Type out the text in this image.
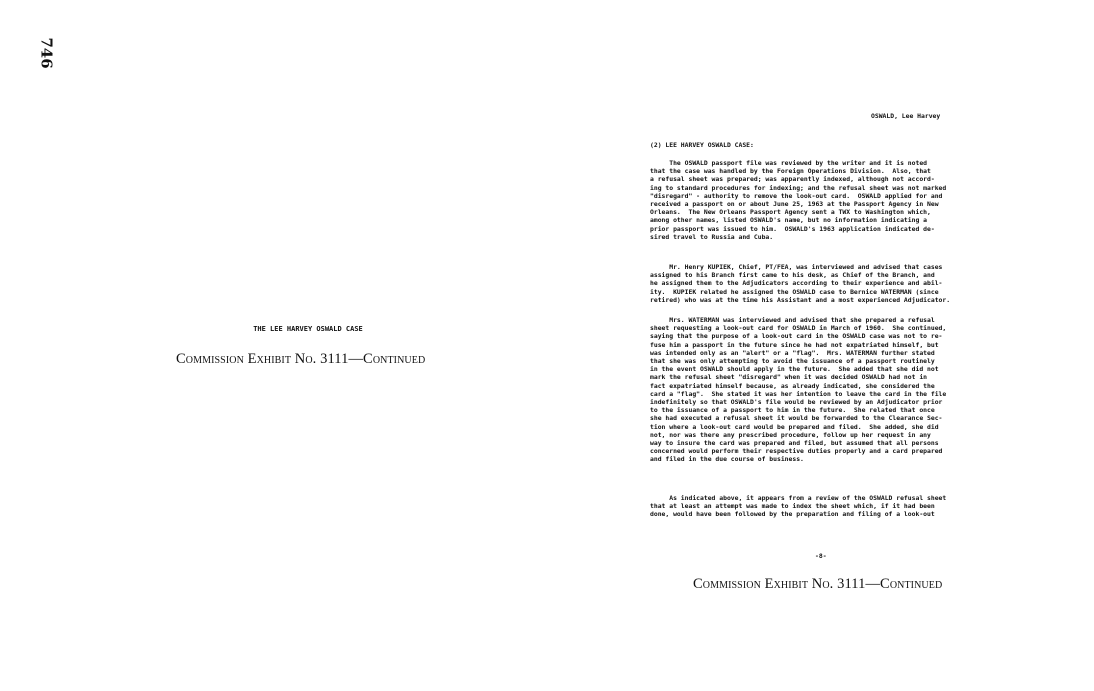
746
THE LEE HARVEY OSWALD CASE
Commission Exhibit No. 3111—Continued
OSWALD, Lee Harvey
(2) LEE HARVEY OSWALD CASE:
The OSWALD passport file was reviewed by the writer and it is noted
that the case was handled by the Foreign Operations Division.  Also, that
a refusal sheet was prepared; was apparently indexed, although not accord-
ing to standard procedures for indexing; and the refusal sheet was not marked
"disregard" - authority to remove the look-out card.  OSWALD applied for and
received a passport on or about June 25, 1963 at the Passport Agency in New
Orleans.  The New Orleans Passport Agency sent a TWX to Washington which,
among other names, listed OSWALD's name, but no information indicating a
prior passport was issued to him.  OSWALD's 1963 application indicated de-
sired travel to Russia and Cuba.
Mr. Henry KUPIEK, Chief, PT/FEA, was interviewed and advised that cases
assigned to his Branch first came to his desk, as Chief of the Branch, and
he assigned them to the Adjudicators according to their experience and abil-
ity.  KUPIEK related he assigned the OSWALD case to Bernice WATERMAN (since
retired) who was at the time his Assistant and a most experienced Adjudicator.
Mrs. WATERMAN was interviewed and advised that she prepared a refusal
sheet requesting a look-out card for OSWALD in March of 1960.  She continued,
saying that the purpose of a look-out card in the OSWALD case was not to re-
fuse him a passport in the future since he had not expatriated himself, but
was intended only as an "alert" or a "flag".  Mrs. WATERMAN further stated
that she was only attempting to avoid the issuance of a passport routinely
in the event OSWALD should apply in the future.  She added that she did not
mark the refusal sheet "disregard" when it was decided OSWALD had not in
fact expatriated himself because, as already indicated, she considered the
card a "flag".  She stated it was her intention to leave the card in the file
indefinitely so that OSWALD's file would be reviewed by an Adjudicator prior
to the issuance of a passport to him in the future.  She related that once
she had executed a refusal sheet it would be forwarded to the Clearance Sec-
tion where a look-out card would be prepared and filed.  She added, she did
not, nor was there any prescribed procedure, follow up her request in any
way to insure the card was prepared and filed, but assumed that all persons
concerned would perform their respective duties properly and a card prepared
and filed in the due course of business.
As indicated above, it appears from a review of the OSWALD refusal sheet
that at least an attempt was made to index the sheet which, if it had been
done, would have been followed by the preparation and filing of a look-out
-8-
Commission Exhibit No. 3111—Continued
